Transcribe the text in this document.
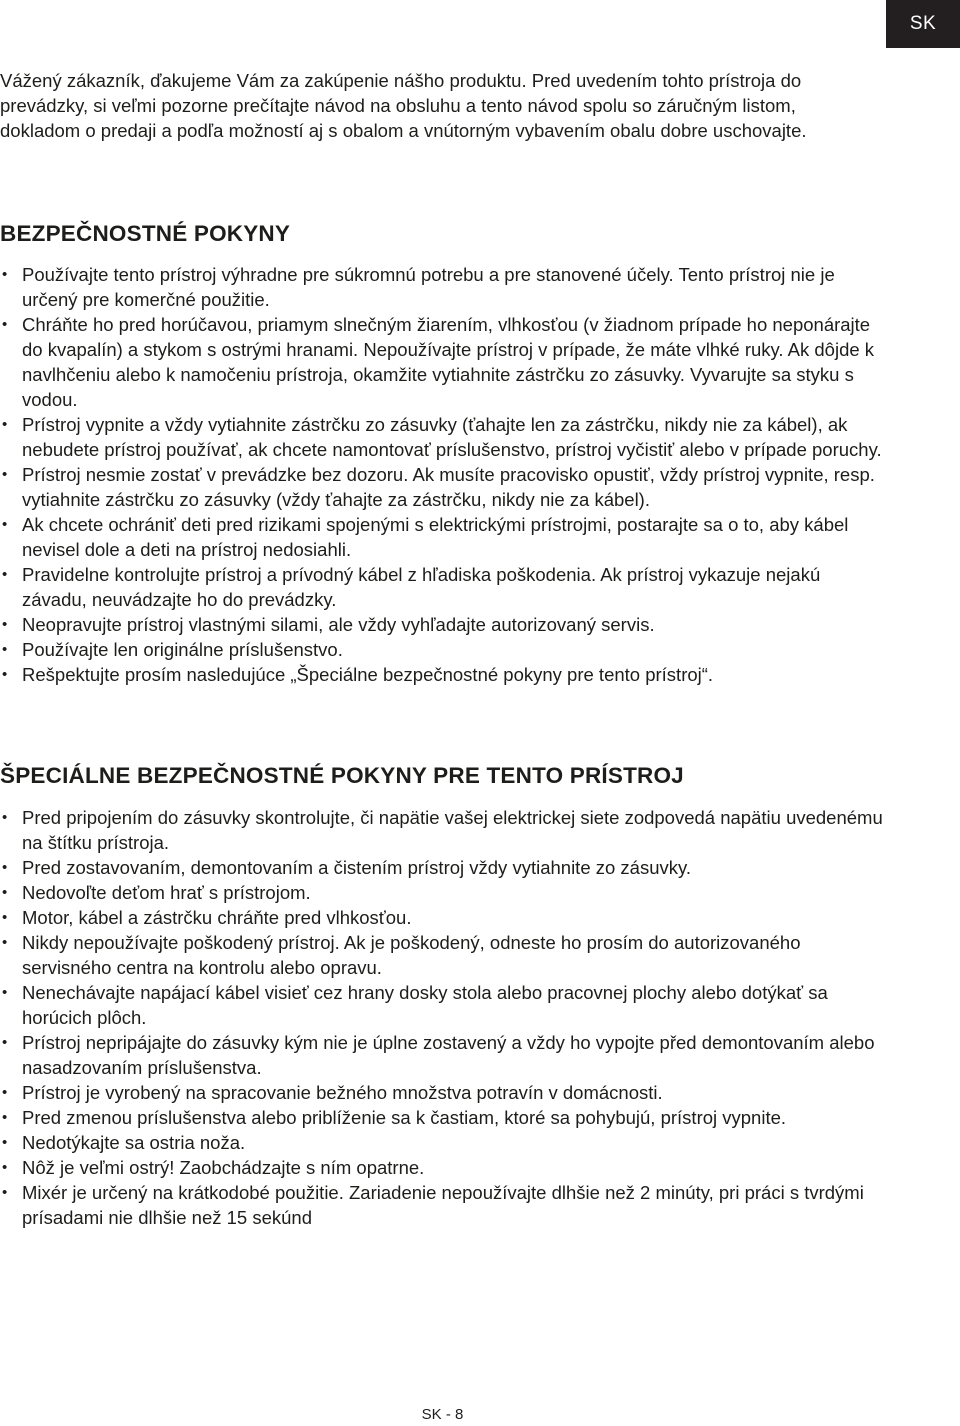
SK

Vážený zákazník, ďakujeme Vám za zakúpenie nášho produktu. Pred uvedením tohto prístroja do prevádzky, si veľmi pozorne prečítajte návod na obsluhu a tento návod spolu so záručným listom, dokladom o predaji a podľa možností aj s obalom a vnútorným vybavením obalu dobre uschovajte.

BEZPEČNOSTNÉ POKYNY
• Používajte tento prístroj výhradne pre súkromnú potrebu a pre stanovené účely. Tento prístroj nie je určený pre komerčné použitie.
• Chráňte ho pred horúčavou, priamym slnečným žiarením, vlhkosťou (v žiadnom prípade ho neponárajte do kvapalín) a stykom s ostrými hranami. Nepoužívajte prístroj v prípade, že máte vlhké ruky. Ak dôjde k navlhčeniu alebo k namočeniu prístroja, okamžite vytiahnite zástrčku zo zásuvky. Vyvarujte sa styku s vodou.
• Prístroj vypnite a vždy vytiahnite zástrčku zo zásuvky (ťahajte len za zástrčku, nikdy nie za kábel), ak nebudete prístroj používať, ak chcete namontovať príslušenstvo, prístroj vyčistiť alebo v prípade poruchy.
• Prístroj nesmie zostať v prevádzke bez dozoru. Ak musíte pracovisko opustiť, vždy prístroj vypnite, resp. vytiahnite zástrčku zo zásuvky (vždy ťahajte za zástrčku, nikdy nie za kábel).
• Ak chcete ochrániť deti pred rizikami spojenými s elektrickými prístrojmi, postarajte sa o to, aby kábel nevisel dole a deti na prístroj nedosiahli.
• Pravidelne kontrolujte prístroj a prívodný kábel z hľadiska poškodenia. Ak prístroj vykazuje nejakú závadu, neuvádzajte ho do prevádzky.
• Neopravujte prístroj vlastnými silami, ale vždy vyhľadajte autorizovaný servis.
• Používajte len originálne príslušenstvo.
• Rešpektujte prosím nasledujúce „Špeciálne bezpečnostné pokyny pre tento prístroj“.
ŠPECIÁLNE BEZPEČNOSTNÉ POKYNY PRE TENTO PRÍSTROJ
• Pred pripojením do zásuvky skontrolujte, či napätie vašej elektrickej siete zodpovedá napätiu uvedenému na štítku prístroja.
• Pred zostavovaním, demontovaním a čistením prístroj vždy vytiahnite zo zásuvky.
• Nedovoľte deťom hrať s prístrojom.
• Motor, kábel a zástrčku chráňte pred vlhkosťou.
• Nikdy nepoužívajte poškodený prístroj. Ak je poškodený, odneste ho prosím do autorizovaného servisného centra na kontrolu alebo opravu.
• Nenechávajte napájací kábel visieť cez hrany dosky stola alebo pracovnej plochy alebo dotýkať sa horúcich plôch.
• Prístroj nepripájajte do zásuvky kým nie je úplne zostavený a vždy ho vypojte před demontovaním alebo nasadzovaním príslušenstva.
• Prístroj je vyrobený na spracovanie bežného množstva potravín v domácnosti.
• Pred zmenou príslušenstva alebo priblíženie sa k častiam, ktoré sa pohybujú, prístroj vypnite.
• Nedotýkajte sa ostria noža.
• Nôž je veľmi ostrý! Zaobchádzajte s ním opatrne.
• Mixér je určený na krátkodobé použitie. Zariadenie nepoužívajte dlhšie než 2 minúty, pri práci s tvrdými prísadami nie dlhšie než 15 sekúnd
SK - 8
